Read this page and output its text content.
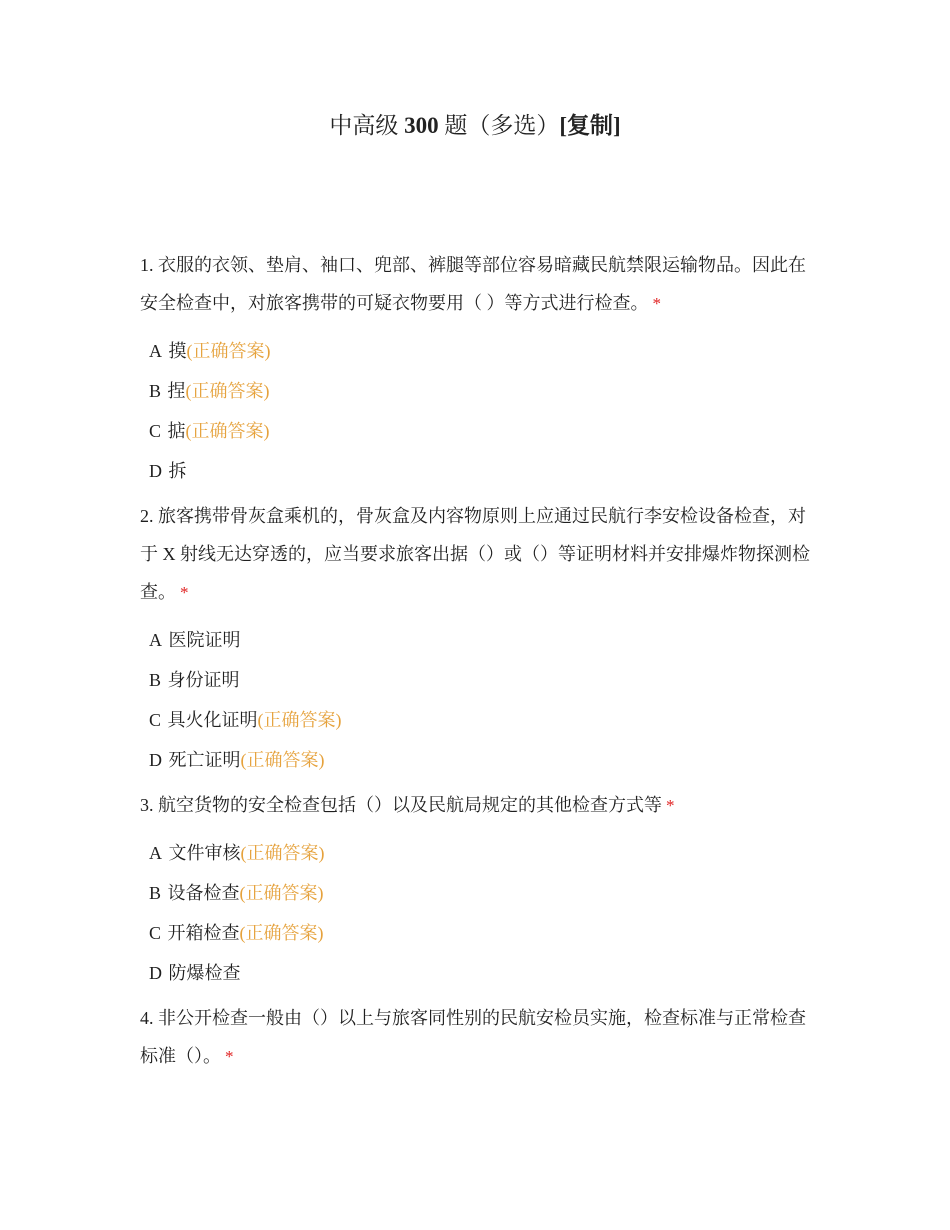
中高级 300 题（多选）[复制]
1. 衣服的衣领、垫肩、袖口、兜部、裤腿等部位容易暗藏民航禁限运输物品。因此在安全检查中，对旅客携带的可疑衣物要用（ ）等方式进行检查。 *
A 摸(正确答案)
B 捏(正确答案)
C 掂(正确答案)
D 拆
2. 旅客携带骨灰盒乘机的，骨灰盒及内容物原则上应通过民航行李安检设备检查，对于 X 射线无达穿透的，应当要求旅客出据（）或（）等证明材料并安排爆炸物探测检查。 *
A 医院证明
B 身份证明
C 具火化证明(正确答案)
D 死亡证明(正确答案)
3. 航空货物的安全检查包括（）以及民航局规定的其他检查方式等 *
A 文件审核(正确答案)
B 设备检查(正确答案)
C 开箱检查(正确答案)
D 防爆检查
4. 非公开检查一般由（）以上与旅客同性别的民航安检员实施，检查标准与正常检查标准（）。 *
